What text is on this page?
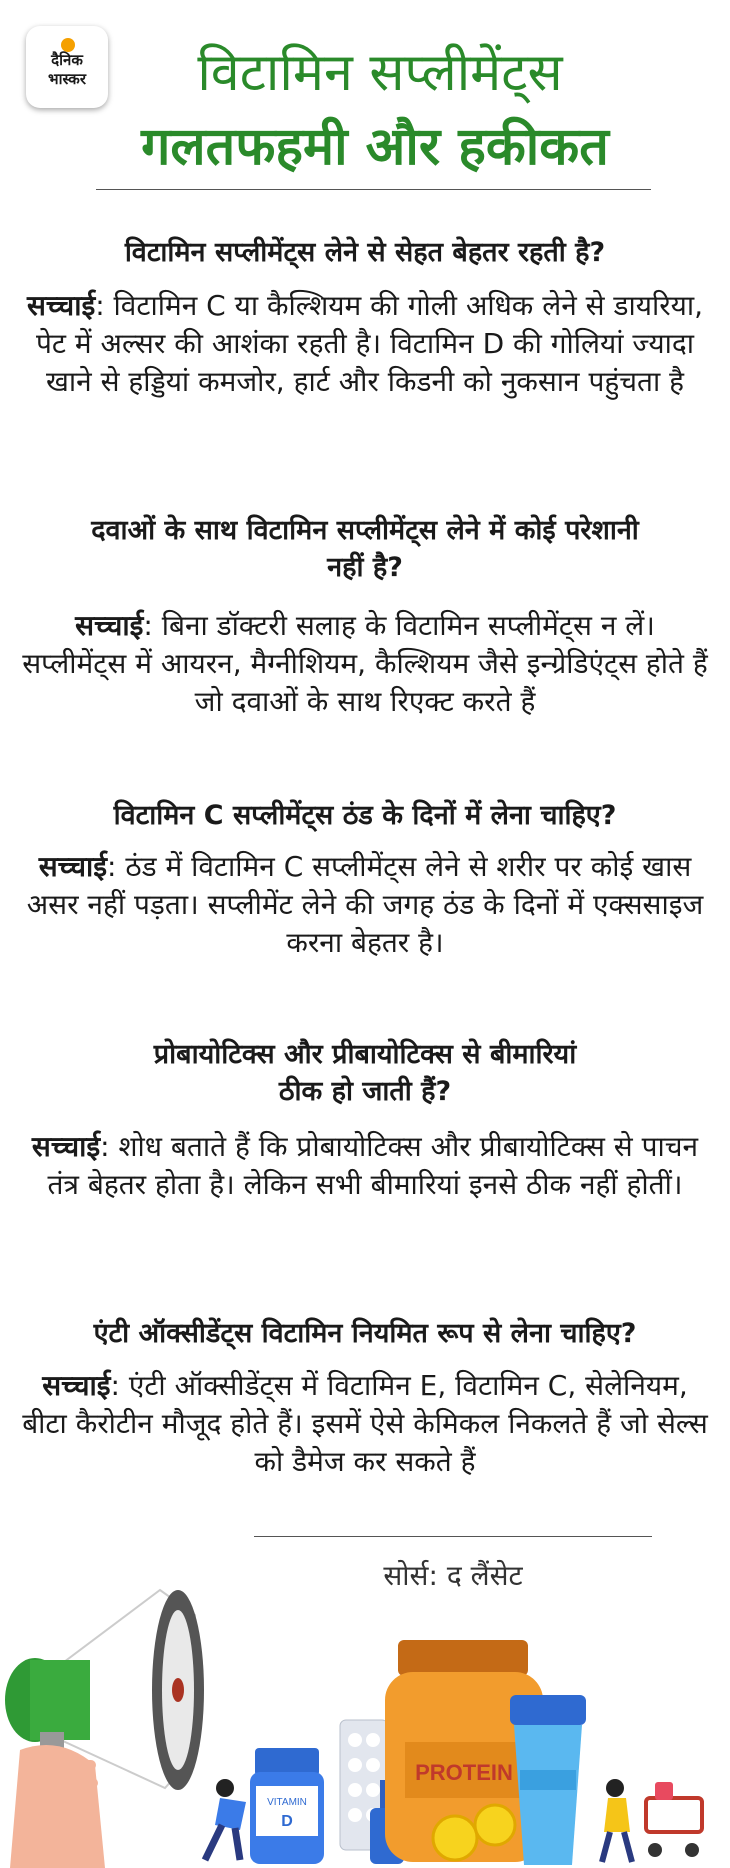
दैनिक
भास्कर	विटामिन सप्लीमेंट्स
गलतफहमी और हकीकत
विटामिन सप्लीमेंट्स लेने से सेहत बेहतर रहती है?
सच्चाई: विटामिन C या कैल्शियम की गोली अधिक लेने से डायरिया, पेट में अल्सर की आशंका रहती है। विटामिन D की गोलियां ज्यादा खाने से हड्डियां कमजोर, हार्ट और किडनी को नुकसान पहुंचता है
दवाओं के साथ विटामिन सप्लीमेंट्स लेने में कोई परेशानी नहीं है?
सच्चाई: बिना डॉक्टरी सलाह के विटामिन सप्लीमेंट्स न लें। सप्लीमेंट्स में आयरन, मैग्नीशियम, कैल्शियम जैसे इन्ग्रेडिएंट्स होते हैं जो दवाओं के साथ रिएक्ट करते हैं
विटामिन C सप्लीमेंट्स ठंड के दिनों में लेना चाहिए?
सच्चाई: ठंड में विटामिन C सप्लीमेंट्स लेने से शरीर पर कोई खास असर नहीं पड़ता। सप्लीमेंट लेने की जगह ठंड के दिनों में एक्ससाइज करना बेहतर है।
प्रोबायोटिक्स और प्रीबायोटिक्स से बीमारियां ठीक हो जाती हैं?
सच्चाई: शोध बताते हैं कि प्रोबायोटिक्स और प्रीबायोटिक्स से पाचन तंत्र बेहतर होता है। लेकिन सभी बीमारियां इनसे ठीक नहीं होतीं।
एंटी ऑक्सीडेंट्स विटामिन नियमित रूप से लेना चाहिए?
सच्चाई: एंटी ऑक्सीडेंट्स में विटामिन E, विटामिन C, सेलेनियम, बीटा कैरोटीन मौजूद होते हैं। इसमें ऐसे केमिकल निकलते हैं जो सेल्स को डैमेज कर सकते हैं
सोर्स: द लैंसेट
VITAMIN
D
PROTEIN
